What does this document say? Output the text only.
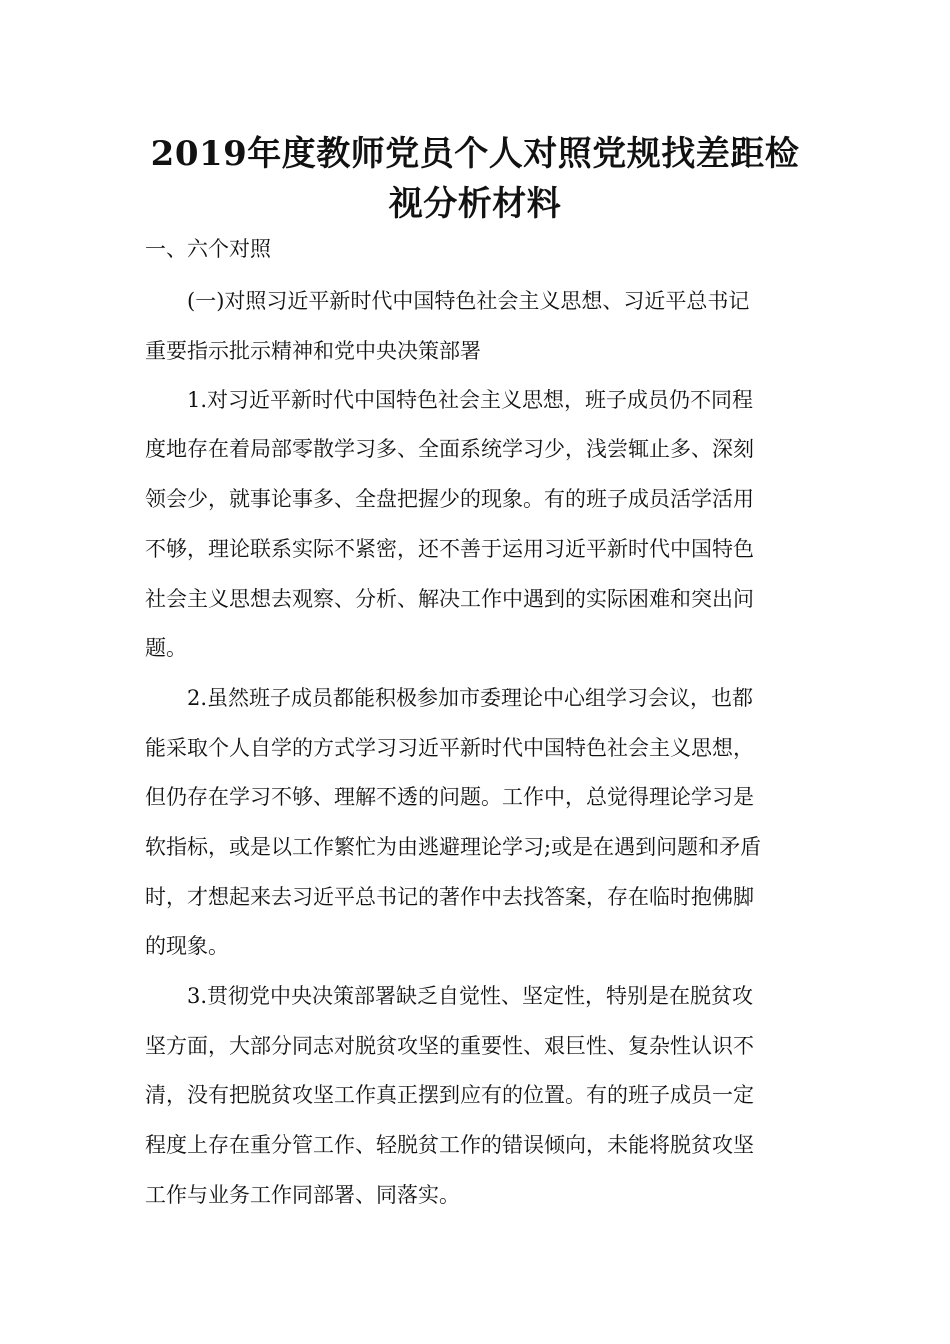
2019年度教师党员个人对照党规找差距检
视分析材料
一、六个对照
　　(一)对照习近平新时代中国特色社会主义思想、习近平总书记
重要指示批示精神和党中央决策部署
　　1.对习近平新时代中国特色社会主义思想，班子成员仍不同程
度地存在着局部零散学习多、全面系统学习少，浅尝辄止多、深刻
领会少，就事论事多、全盘把握少的现象。有的班子成员活学活用
不够，理论联系实际不紧密，还不善于运用习近平新时代中国特色
社会主义思想去观察、分析、解决工作中遇到的实际困难和突出问
题。
　　2.虽然班子成员都能积极参加市委理论中心组学习会议，也都
能采取个人自学的方式学习习近平新时代中国特色社会主义思想，
但仍存在学习不够、理解不透的问题。工作中，总觉得理论学习是
软指标，或是以工作繁忙为由逃避理论学习;或是在遇到问题和矛盾
时，才想起来去习近平总书记的著作中去找答案，存在临时抱佛脚
的现象。
　　3.贯彻党中央决策部署缺乏自觉性、坚定性，特别是在脱贫攻
坚方面，大部分同志对脱贫攻坚的重要性、艰巨性、复杂性认识不
清，没有把脱贫攻坚工作真正摆到应有的位置。有的班子成员一定
程度上存在重分管工作、轻脱贫工作的错误倾向，未能将脱贫攻坚
工作与业务工作同部署、同落实。
